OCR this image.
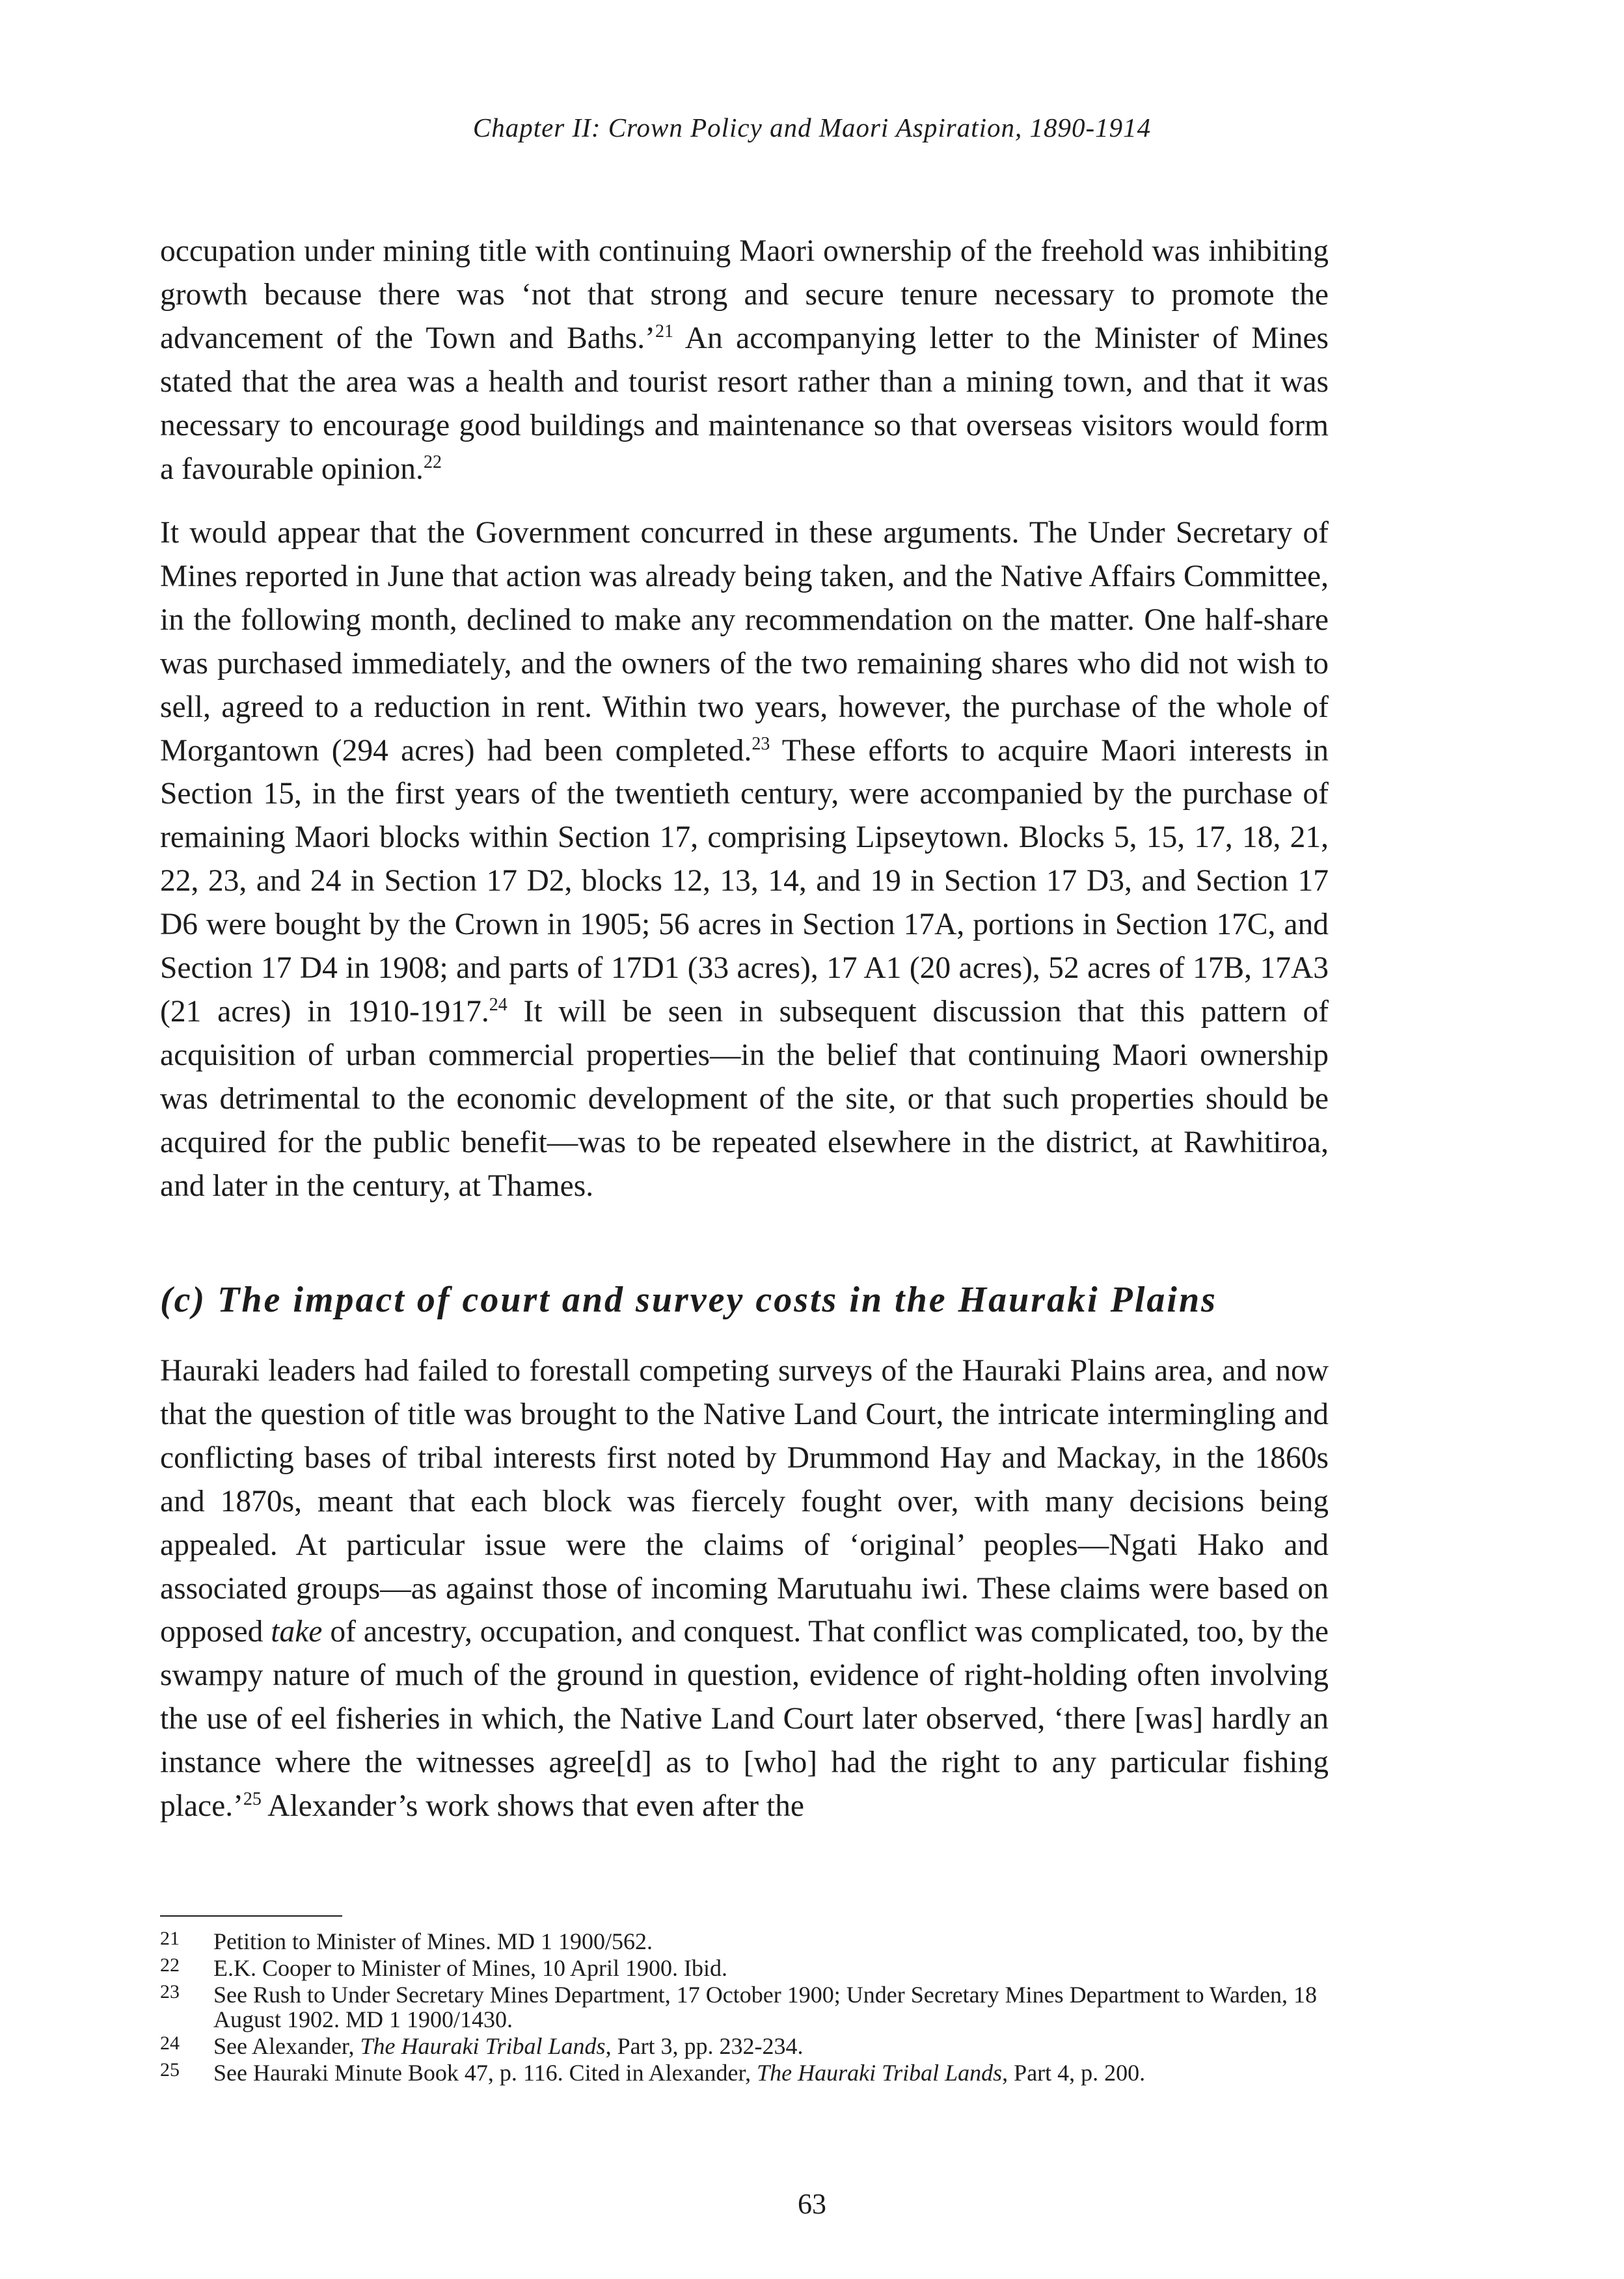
Chapter II: Crown Policy and Maori Aspiration, 1890-1914

occupation under mining title with continuing Maori ownership of the freehold was inhibiting growth because there was ‘not that strong and secure tenure necessary to promote the advancement of the Town and Baths.’$^{21}$ An accompanying letter to the Minister of Mines stated that the area was a health and tourist resort rather than a mining town, and that it was necessary to encourage good buildings and maintenance so that overseas visitors would form a favourable opinion.$^{22}$

It would appear that the Government concurred in these arguments. The Under Secretary of Mines reported in June that action was already being taken, and the Native Affairs Committee, in the following month, declined to make any recommendation on the matter. One half-share was purchased immediately, and the owners of the two remaining shares who did not wish to sell, agreed to a reduction in rent. Within two years, however, the purchase of the whole of Morgantown (294 acres) had been completed.$^{23}$ These efforts to acquire Maori interests in Section 15, in the first years of the twentieth century, were accompanied by the purchase of remaining Maori blocks within Section 17, comprising Lipseytown. Blocks 5, 15, 17, 18, 21, 22, 23, and 24 in Section 17 D2, blocks 12, 13, 14, and 19 in Section 17 D3, and Section 17 D6 were bought by the Crown in 1905; 56 acres in Section 17A, portions in Section 17C, and Section 17 D4 in 1908; and parts of 17D1 (33 acres), 17 A1 (20 acres), 52 acres of 17B, 17A3 (21 acres) in 1910-1917.24 It will be seen in subsequent discussion that this pattern of acquisition of urban commercial properties—in the belief that continuing Maori ownership was detrimental to the economic development of the site, or that such properties should be acquired for the public benefit—was to be repeated elsewhere in the district, at Rawhitiroa, and later in the century, at Thames.

(c) The impact of court and survey costs in the Hauraki Plains

Hauraki leaders had failed to forestall competing surveys of the Hauraki Plains area, and now that the question of title was brought to the Native Land Court, the intricate intermingling and conflicting bases of tribal interests first noted by Drummond Hay and Mackay, in the 1860s and 1870s, meant that each block was fiercely fought over, with many decisions being appealed. At particular issue were the claims of ‘original’ peoples—Ngati Hako and associated groups—as against those of incoming Marutuahu iwi. These claims were based on opposed take of ancestry, occupation, and conquest. That conflict was complicated, too, by the swampy nature of much of the ground in question, evidence of right-holding often involving the use of eel fisheries in which, the Native Land Court later observed, ‘there [was] hardly an instance where the witnesses agree[d] as to [who] had the right to any particular fishing place.’$^{25}$ Alexander’s work shows that even after the

21 Petition to Minister of Mines. MD 1 1900/562.
22 E.K. Cooper to Minister of Mines, 10 April 1900. Ibid.
23 See Rush to Under Secretary Mines Department, 17 October 1900; Under Secretary Mines Department to Warden, 18 August 1902. MD 1 1900/1430.
24 See Alexander, The Hauraki Tribal Lands, Part 3, pp. 232-234.
25 See Hauraki Minute Book 47, p. 116. Cited in Alexander, The Hauraki Tribal Lands, Part 4, p. 200.
63
